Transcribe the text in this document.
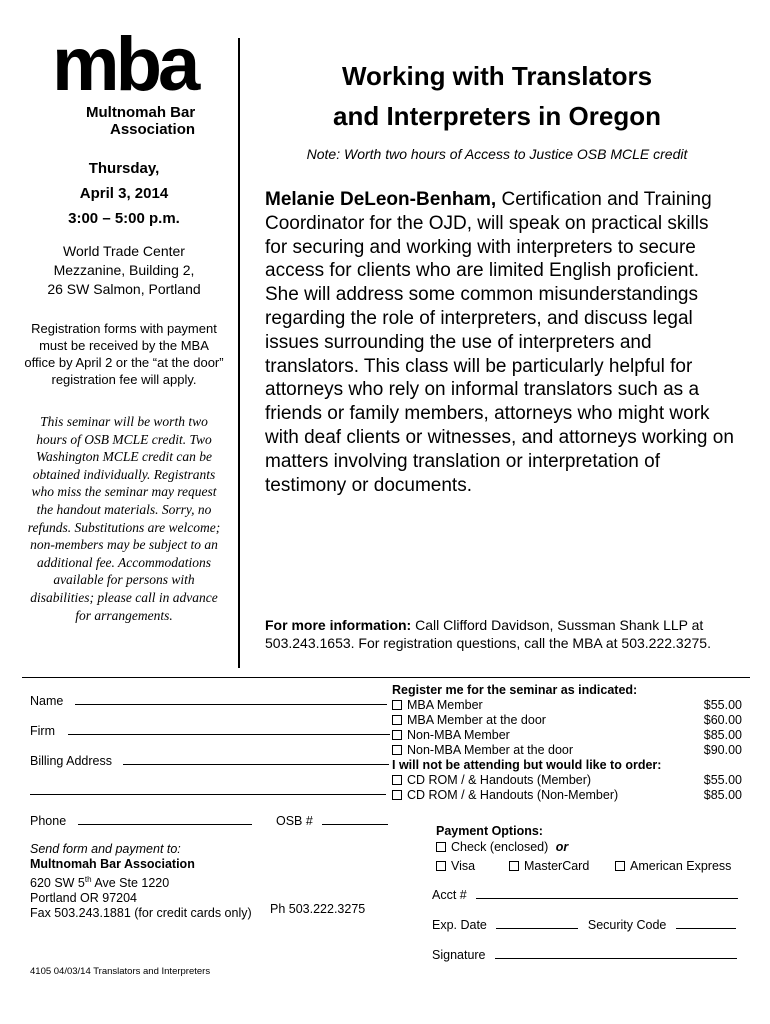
mba
Multnomah Bar
Association
Working with Translators
and Interpreters in Oregon
Note: Worth two hours of Access to Justice OSB MCLE credit
Thursday,
April 3, 2014
3:00 – 5:00 p.m.
World Trade Center
Mezzanine, Building 2,
26 SW Salmon, Portland
Registration forms with payment must be received by the MBA office by April 2 or the “at the door” registration fee will apply.
This seminar will be worth two hours of OSB MCLE credit. Two Washington MCLE credit can be obtained individually. Registrants who miss the seminar may request the handout materials. Sorry, no refunds. Substitutions are welcome; non-members may be subject to an additional fee. Accommodations available for persons with disabilities; please call in advance for arrangements.
Melanie DeLeon-Benham, Certification and Training Coordinator for the OJD, will speak on practical skills for securing and working with interpreters to secure access for clients who are limited English proficient. She will address some common misunderstandings regarding the role of interpreters, and discuss legal issues surrounding the use of interpreters and translators. This class will be particularly helpful for attorneys who rely on informal translators such as a friends or family members, attorneys who might work with deaf clients or witnesses, and attorneys working on matters involving translation or interpretation of testimony or documents.
For more information: Call Clifford Davidson, Sussman Shank LLP at 503.243.1653. For registration questions, call the MBA at 503.222.3275.
Name
Firm
Billing Address
Phone	OSB #
Register me for the seminar as indicated:
MBA Member	$55.00
MBA Member at the door	$60.00
Non-MBA Member	$85.00
Non-MBA Member at the door	$90.00
I will not be attending but would like to order:
CD ROM / & Handouts (Member)	$55.00
CD ROM / & Handouts (Non-Member)	$85.00
Send form and payment to:
Multnomah Bar Association
620 SW 5th Ave Ste 1220
Portland OR 97204
Fax 503.243.1881 (for credit cards only) Ph 503.222.3275
Payment Options:
Check (enclosed) or
Visa	MasterCard	American Express
Acct #
Exp. Date	Security Code
Signature
4105 04/03/14 Translators and Interpreters
